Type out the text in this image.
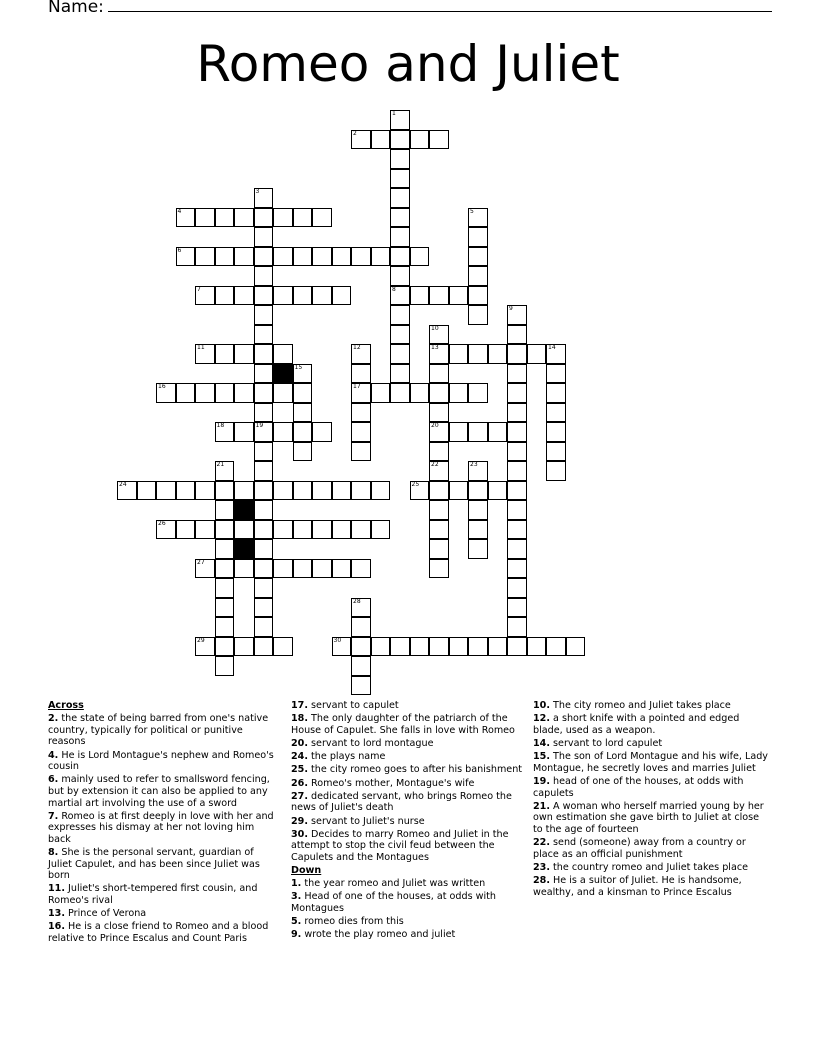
Name:
Romeo and Juliet
1
8
2
3
19
4	5
6
7
9
10
13
20
11	12
17
14
15
16
18
21	22	23
24	25
26
27
28
29	30
Across
2. the state of being barred from one's native country, typically for political or punitive reasons
4. He is Lord Montague's nephew and Romeo's cousin
6. mainly used to refer to smallsword fencing, but by extension it can also be applied to any martial art involving the use of a sword
7. Romeo is at first deeply in love with her and expresses his dismay at her not loving him back
8. She is the personal servant, guardian of Juliet Capulet, and has been since Juliet was born
11. Juliet's short-tempered first cousin, and Romeo's rival
13. Prince of Verona
16. He is a close friend to Romeo and a blood relative to Prince Escalus and Count Paris
17. servant to capulet
18. The only daughter of the patriarch of the House of Capulet. She falls in love with Romeo
20. servant to lord montague
24. the plays name
25. the city romeo goes to after his banishment
26. Romeo's mother, Montague's wife
27. dedicated servant, who brings Romeo the news of Juliet's death
29. servant to Juliet's nurse
30. Decides to marry Romeo and Juliet in the attempt to stop the civil feud between the Capulets and the Montagues
Down
1. the year romeo and Juliet was written
3. Head of one of the houses, at odds with Montagues
5. romeo dies from this
9. wrote the play romeo and juliet
10. The city romeo and Juliet takes place
12. a short knife with a pointed and edged blade, used as a weapon.
14. servant to lord capulet
15. The son of Lord Montague and his wife, Lady Montague, he secretly loves and marries Juliet
19. head of one of the houses, at odds with capulets
21. A woman who herself married young by her own estimation she gave birth to Juliet at close to the age of fourteen
22. send (someone) away from a country or place as an official punishment
23. the country romeo and Juliet takes place
28. He is a suitor of Juliet. He is handsome, wealthy, and a kinsman to Prince Escalus
